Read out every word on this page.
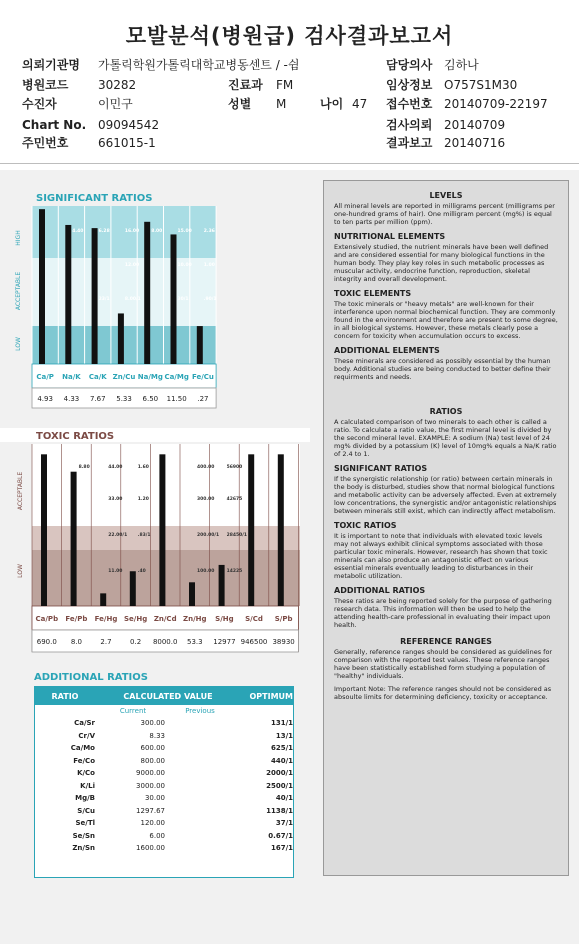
모발분석(병원급) 검사결과보고서
의뢰기관명 가톨릭학원가톨릭대학교병동센트 / -쉼	담당의사 김하나
병원코드 30282	진료과 FM	임상정보 O757S1M30
수진자	이민구	성별 M	나이 47 접수번호 20140709-22197
Chart No. 09094542	검사의뢰 20140709
주민번호 661015-1	결과보고 20140716
SIGNIFICANT RATIOS
HIGH
ACCEPTABLE
LOW
4.40	6.28
23/1
16.00
12.00
8.00/1
8.00	15.00
10.00
30/1
2.36
1.00
.90/1
Ca/P Na/K Ca/K Zn/Cu Na/Mg Ca/Mg Fe/Cu
4.93 4.33 7.67 5.33 6.50 11.50 .27
TOXIC RATIOS
ACCEPTABLE
LOW
8.80	44.00
33.00
22.00/1
11.00
1.60
1.20
.83/1
.40
400.00
300.00
200.00/1
100.00
56900
42675
28450/1
14225
Ca/Pb Fe/Pb Fe/Hg Se/Hg Zn/Cd Zn/Hg S/Hg S/Cd S/Pb
690.0 8.0	2.7	0.2 8000.0 53.3 12977 946500 38930
ADDITIONAL RATIOS
RATIO	CALCULATED VALUE	OPTIMUM
Current	Previous
Ca/Sr	300.00	131/1
Cr/V	8.33	13/1
Ca/Mo	600.00	625/1
Fe/Co	800.00	440/1
K/Co	9000.00	2000/1
K/Li	3000.00	2500/1
Mg/B	30.00	40/1
S/Cu	1297.67	1138/1
Se/Tl	120.00	37/1
Se/Sn	6.00	0.67/1
Zn/Sn	1600.00	167/1
LEVELS

All mineral levels are reported in milligrams percent (milligrams per one-hundred grams of hair). One milligram percent (mg%) is equal to ten parts per million (ppm).

NUTRITIONAL ELEMENTS

Extensively studied, the nutrient minerals have been well defined and are considered essential for many biological functions in the human body. They play key roles in such metabolic processes as muscular activity, endocrine function, reproduction, skeletal integrity and overall development.

TOXIC ELEMENTS

The toxic minerals or "heavy metals" are well-known for their interference upon normal biochemical function. They are commonly found in the environment and therefore are present to some degree, in all biological systems. However, these metals clearly pose a concern for toxicity when accumulation occurs to excess.

ADDITIONAL ELEMENTS

These minerals are considered as possibly essential by the human body. Additional studies are being conducted to better define their requirments and needs.

RATIOS

A calculated comparison of two minerals to each other is called a ratio. To calculate a ratio value, the first mineral level is divided by the second mineral level. EXAMPLE: A sodium (Na) test level of 24 mg% divided by a potassium (K) level of 10mg% equals a Na/K ratio of 2.4 to 1.

SIGNIFICANT RATIOS

If the synergistic relationship (or ratio) between certain minerals in the body is disturbed, studies show that normal biological functions and metabolic activity can be adversely affected. Even at extremely low concentrations, the synergistic and/or antagonistic relationships between minerals still exist, which can indirectly affect metabolism.

TOXIC RATIOS

It is important to note that individuals with elevated toxic levels may not always exhibit clinical symptoms associated with those particular toxic minerals. However, research has shown that toxic minerals can also produce an antagonistic effect on various essential minerals eventually leading to disturbances in their metabolic utilization.

ADDITIONAL RATIOS

These ratios are being reported solely for the purpose of gathering research data. This information will then be used to help the attending health-care professional in evaluating their impact upon health.

REFERENCE RANGES

Generally, reference ranges should be considered as guidelines for comparison with the reported test values. These reference ranges have been statistically established form studying a population of "healthy" individuals.

Important Note: The reference ranges should not be considered as absoulte limits for determining deficiency, toxicity or acceptance.
